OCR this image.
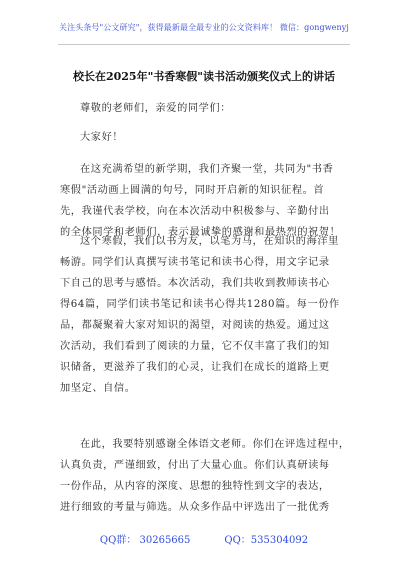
关注头条号"公文研究"，获得最新最全最专业的公文资料库！ 微信：gongwenyj
校长在2025年"书香寒假"读书活动颁奖仪式上的讲话
尊敬的老师们，亲爱的同学们：
大家好！
在这充满希望的新学期，我们齐聚一堂，共同为"书香
寒假"活动画上圆满的句号，同时开启新的知识征程。首
先，我谨代表学校，向在本次活动中积极参与、辛勤付出
的全体同学和老师们，表示最诚挚的感谢和最热烈的祝贺！
这个寒假，我们以书为友，以笔为马，在知识的海洋里
畅游。同学们认真撰写读书笔记和读书心得，用文字记录
下自己的思考与感悟。本次活动，我们共收到教师读书心
得64篇，同学们读书笔记和读书心得共1280篇。每一份作
品，都凝聚着大家对知识的渴望，对阅读的热爱。通过这
次活动，我们看到了阅读的力量，它不仅丰富了我们的知
识储备，更滋养了我们的心灵，让我们在成长的道路上更
加坚定、自信。
在此，我要特别感谢全体语文老师。你们在评选过程中，
认真负责，严谨细致，付出了大量心血。你们认真研读每
一份作品，从内容的深度、思想的独特性到文字的表达，
进行细致的考量与筛选。从众多作品中评选出了一批优秀
QQ群： 30265665	QQ：535304092
